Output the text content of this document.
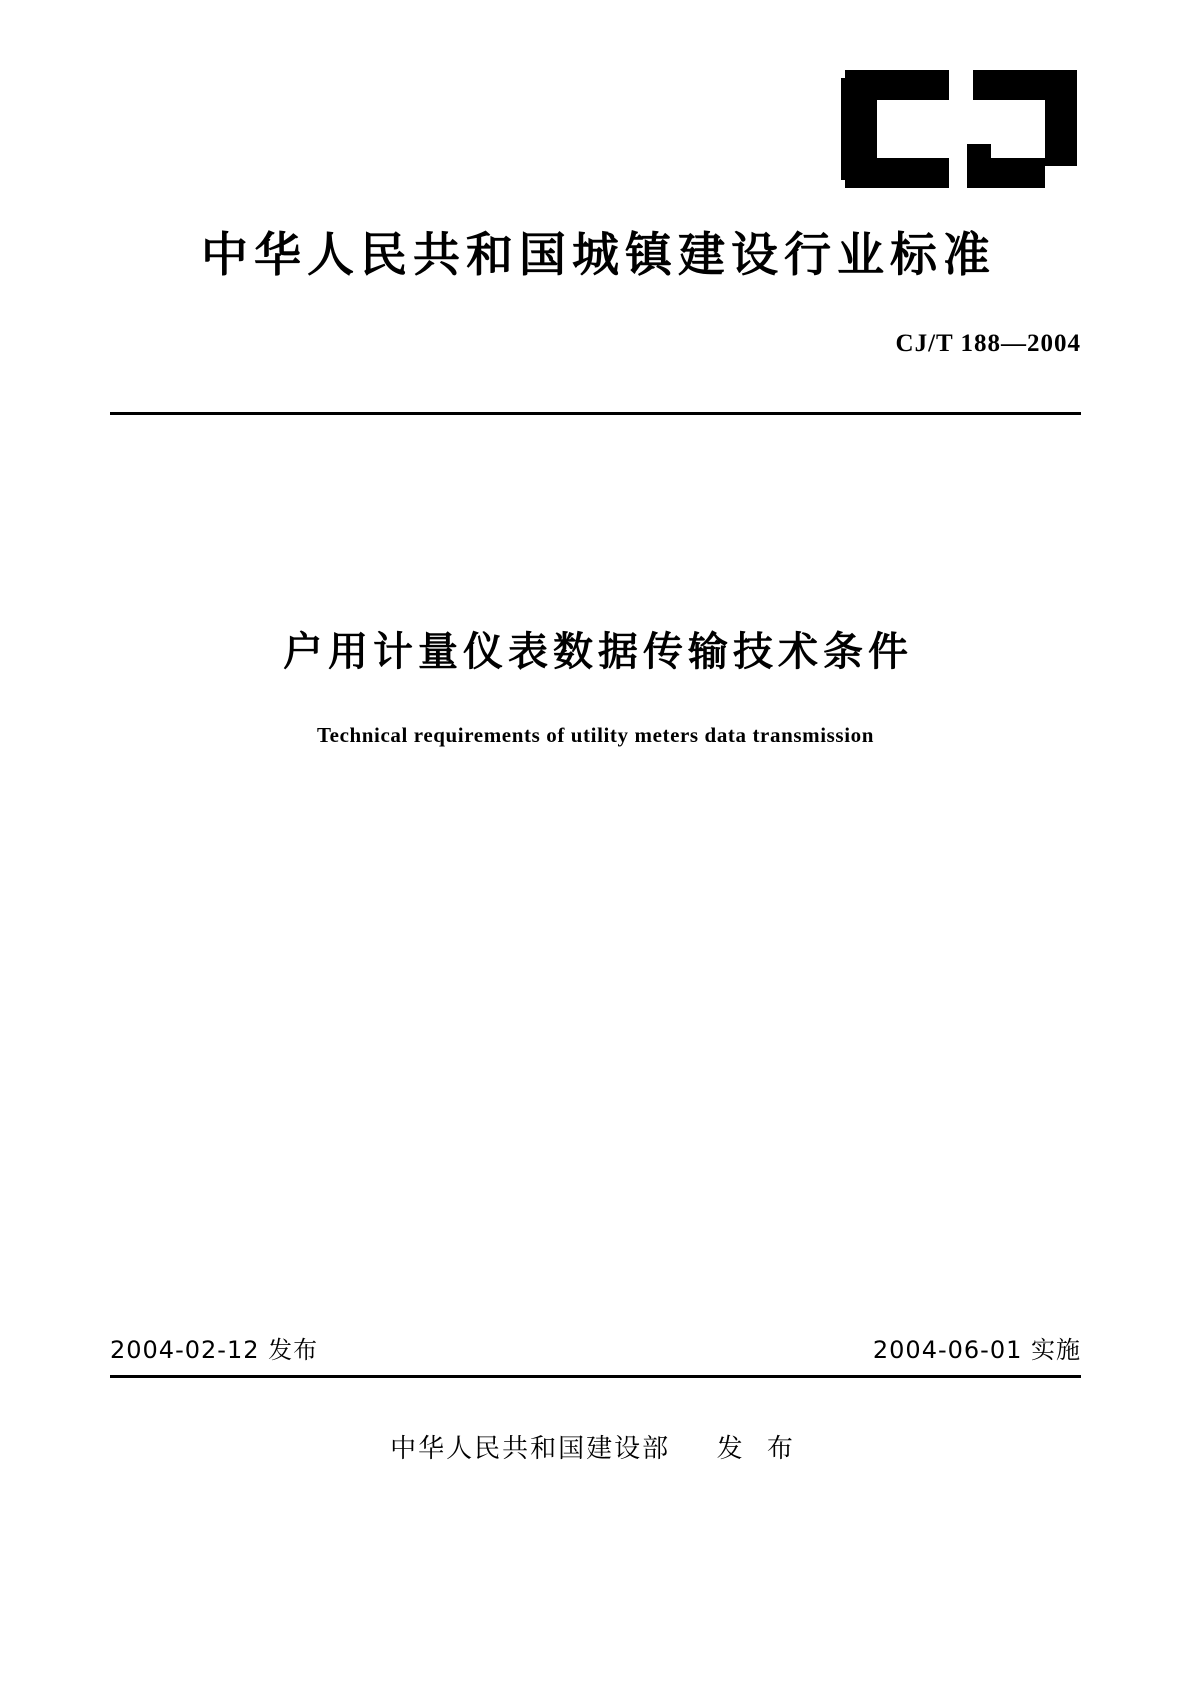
中华人民共和国城镇建设行业标准
CJ/T 188—2004
户用计量仪表数据传输技术条件
Technical requirements of utility meters data transmission
2004-02-12 发布	2004-06-01 实施
中华人民共和国建设部 发 布
